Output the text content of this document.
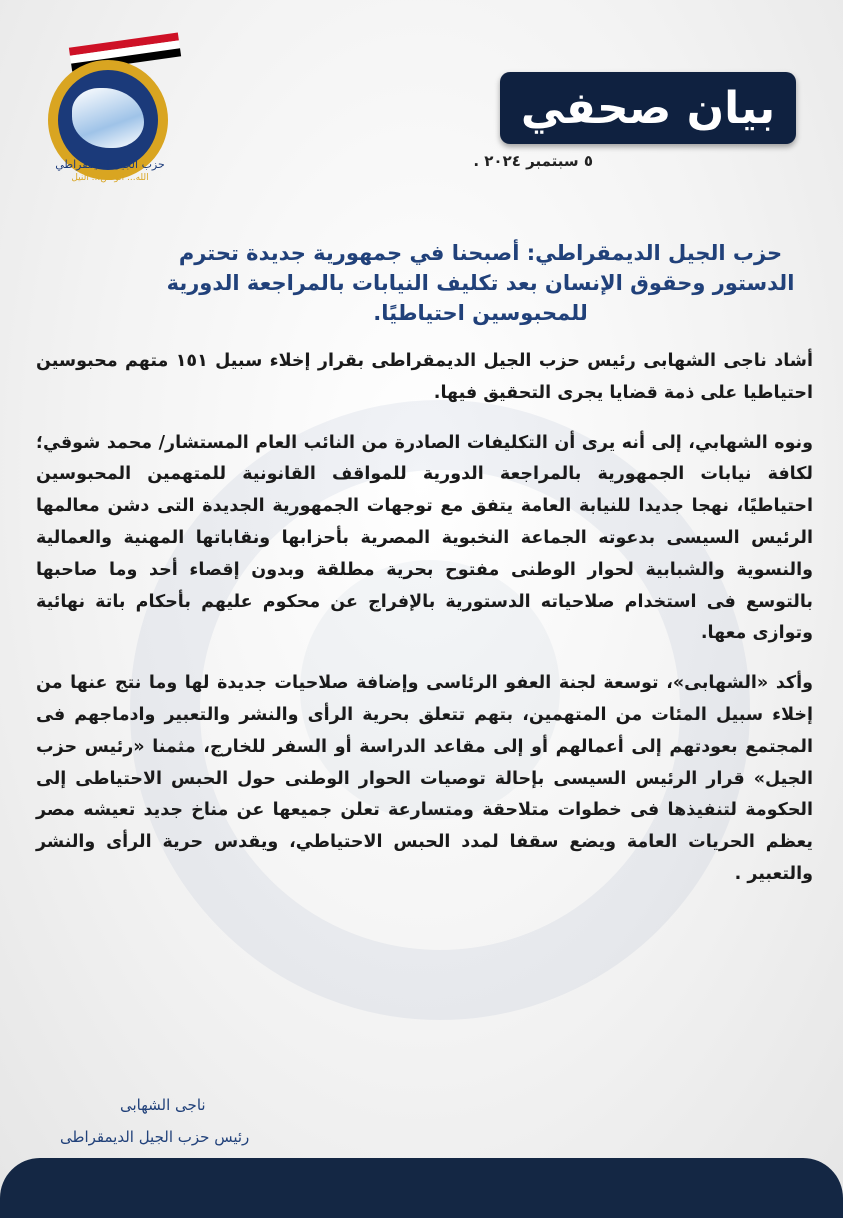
حزب الجيل الديمقراطي
الله... الوطن... النيل
بيان صحفي
٥ سبتمبر ٢٠٢٤ .
حزب الجيل الديمقراطي: أصبحنا في جمهورية جديدة تحترم الدستور وحقوق الإنسان بعد تكليف النيابات بالمراجعة الدورية للمحبوسين احتياطيًا.

أشاد ناجى الشهابى رئيس حزب الجيل الديمقراطى بقرار إخلاء سبيل ١٥١ متهم محبوسين احتياطيا على ذمة قضايا يجرى التحقيق فيها.

ونوه الشهابي، إلى أنه يرى أن التكليفات الصادرة من النائب العام المستشار/ محمد شوقي؛ لكافة نيابات الجمهورية بالمراجعة الدورية للمواقف القانونية للمتهمين المحبوسين احتياطيًا، نهجا جديدا للنيابة العامة يتفق مع توجهات الجمهورية الجديدة التى دشن معالمها الرئيس السيسى بدعوته الجماعة النخبوية المصرية بأحزابها ونقاباتها المهنية والعمالية والنسوية والشبابية لحوار الوطنى مفتوح بحرية مطلقة وبدون إقصاء أحد وما صاحبها بالتوسع فى استخدام صلاحياته الدستورية بالإفراج عن محكوم عليهم بأحكام باتة نهائية وتوازى معها.

وأكد «الشهابى»، توسعة لجنة العفو الرئاسى وإضافة صلاحيات جديدة لها وما نتج عنها من إخلاء سبيل المئات من المتهمين، بتهم تتعلق بحرية الرأى والنشر والتعبير وادماجهم فى المجتمع بعودتهم إلى أعمالهم أو إلى مقاعد الدراسة أو السفر للخارج، مثمنا «رئيس حزب الجيل» قرار الرئيس السيسى بإحالة توصيات الحوار الوطنى حول الحبس الاحتياطى إلى الحكومة لتنفيذها فى خطوات متلاحقة ومتسارعة تعلن جميعها عن مناخ جديد تعيشه مصر يعظم الحريات العامة ويضع سقفا لمدد الحبس الاحتياطي، ويقدس حرية الرأى والنشر والتعبير .

ناجى الشهابى
رئيس حزب الجيل الديمقراطى
